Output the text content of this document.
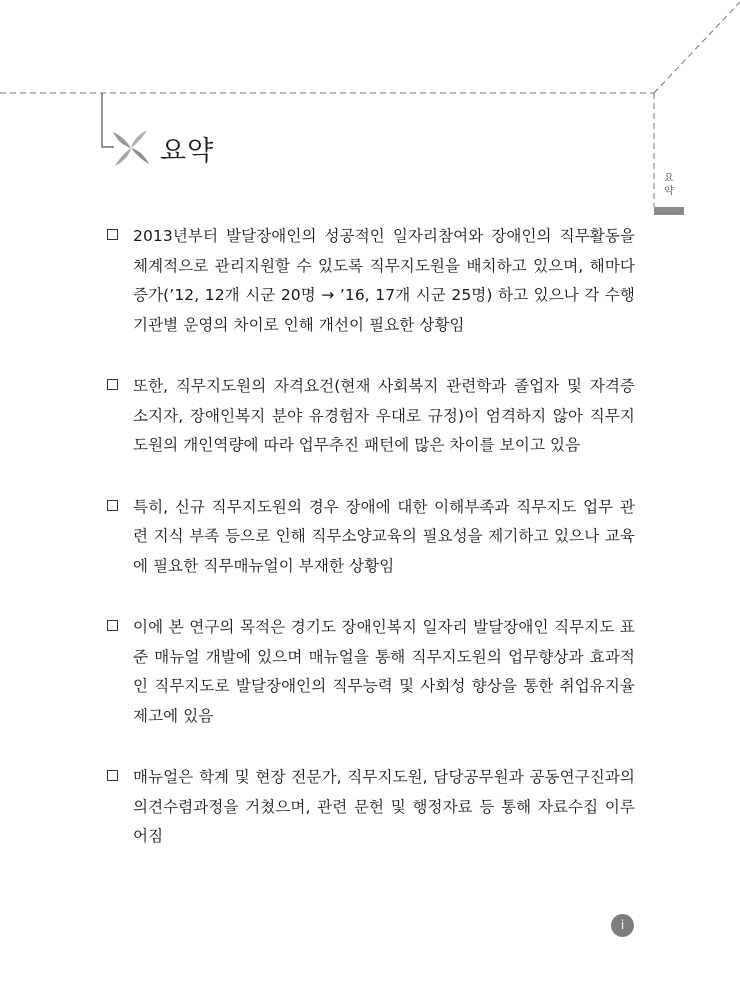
요약
요
약
2013년부터 발달장애인의 성공적인 일자리참여와 장애인의 직무활동을 체계적으로 관리지원할 수 있도록 직무지도원을 배치하고 있으며, 해마다 증가(’12, 12개 시군 20명 → ’16, 17개 시군 25명) 하고 있으나 각 수행기관별 운영의 차이로 인해 개선이 필요한 상황임
또한, 직무지도원의 자격요건(현재 사회복지 관련학과 졸업자 및 자격증 소지자, 장애인복지 분야 유경험자 우대로 규정)이 엄격하지 않아 직무지도원의 개인역량에 따라 업무추진 패턴에 많은 차이를 보이고 있음
특히, 신규 직무지도원의 경우 장애에 대한 이해부족과 직무지도 업무 관련 지식 부족 등으로 인해 직무소양교육의 필요성을 제기하고 있으나 교육에 필요한 직무매뉴얼이 부재한 상황임
이에 본 연구의 목적은 경기도 장애인복지 일자리 발달장애인 직무지도 표준 매뉴얼 개발에 있으며 매뉴얼을 통해 직무지도원의 업무향상과 효과적인 직무지도로 발달장애인의 직무능력 및 사회성 향상을 통한 취업유지율 제고에 있음
매뉴얼은 학계 및 현장 전문가, 직무지도원, 담당공무원과 공동연구진과의 의견수렴과정을 거쳤으며, 관련 문헌 및 행정자료 등 통해 자료수집 이루어짐
i
